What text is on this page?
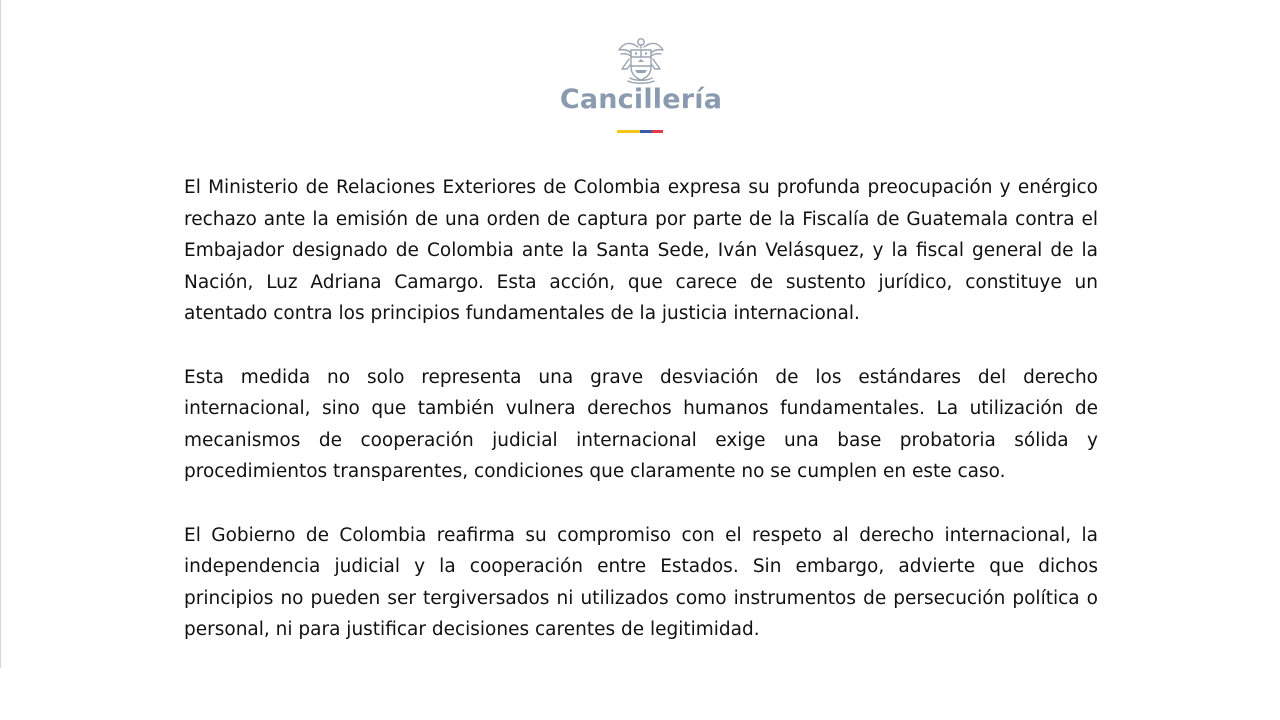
Cancillería

El Ministerio de Relaciones Exteriores de Colombia expresa su profunda preocupación y enérgico rechazo ante la emisión de una orden de captura por parte de la Fiscalía de Guatemala contra el Embajador designado de Colombia ante la Santa Sede, Iván Velásquez, y la fiscal general de la Nación, Luz Adriana Camargo. Esta acción, que carece de sustento jurídico, constituye un atentado contra los principios fundamentales de la justicia internacional.

Esta medida no solo representa una grave desviación de los estándares del derecho internacional, sino que también vulnera derechos humanos fundamentales. La utilización de mecanismos de cooperación judicial internacional exige una base probatoria sólida y procedimientos transparentes, condiciones que claramente no se cumplen en este caso.

El Gobierno de Colombia reafirma su compromiso con el respeto al derecho internacional, la independencia judicial y la cooperación entre Estados. Sin embargo, advierte que dichos principios no pueden ser tergiversados ni utilizados como instrumentos de persecución política o personal, ni para justificar decisiones carentes de legitimidad.
